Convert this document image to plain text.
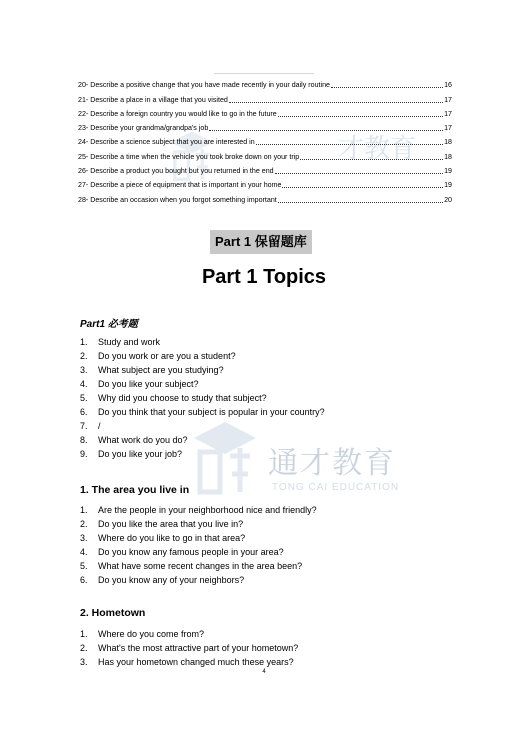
才教育
通才教育
TONG CAI EDUCATION
20- Describe a positive change that you have made recently in your daily routine	16
21- Describe a place in a village that you visited	17
22- Describe a foreign country you would like to go in the future	17
23- Describe your grandma/grandpa's job	17
24- Describe a science subject that you are interested in	18
25- Describe a time when the vehicle you took broke down on your trip	18
26- Describe a product you bought but you returned in the end	19
27- Describe a piece of equipment that is important in your home	19
28- Describe an occasion when you forgot something important	20
Part 1 保留题库
Part 1 Topics
Part1 必考题
1.	Study and work
2.	Do you work or are you a student?
3.	What subject are you studying?
4.	Do you like your subject?
5.	Why did you choose to study that subject?
6.	Do you think that your subject is popular in your country?
7.	/
8.	What work do you do?
9.	Do you like your job?
1. The area you live in
1.	Are the people in your neighborhood nice and friendly?
2.	Do you like the area that you live in?
3.	Where do you like to go in that area?
4.	Do you know any famous people in your area?
5.	What have some recent changes in the area been?
6.	Do you know any of your neighbors?
2. Hometown
1.	Where do you come from?
2.	What's the most attractive part of your hometown?
3.	Has your hometown changed much these years?
4
